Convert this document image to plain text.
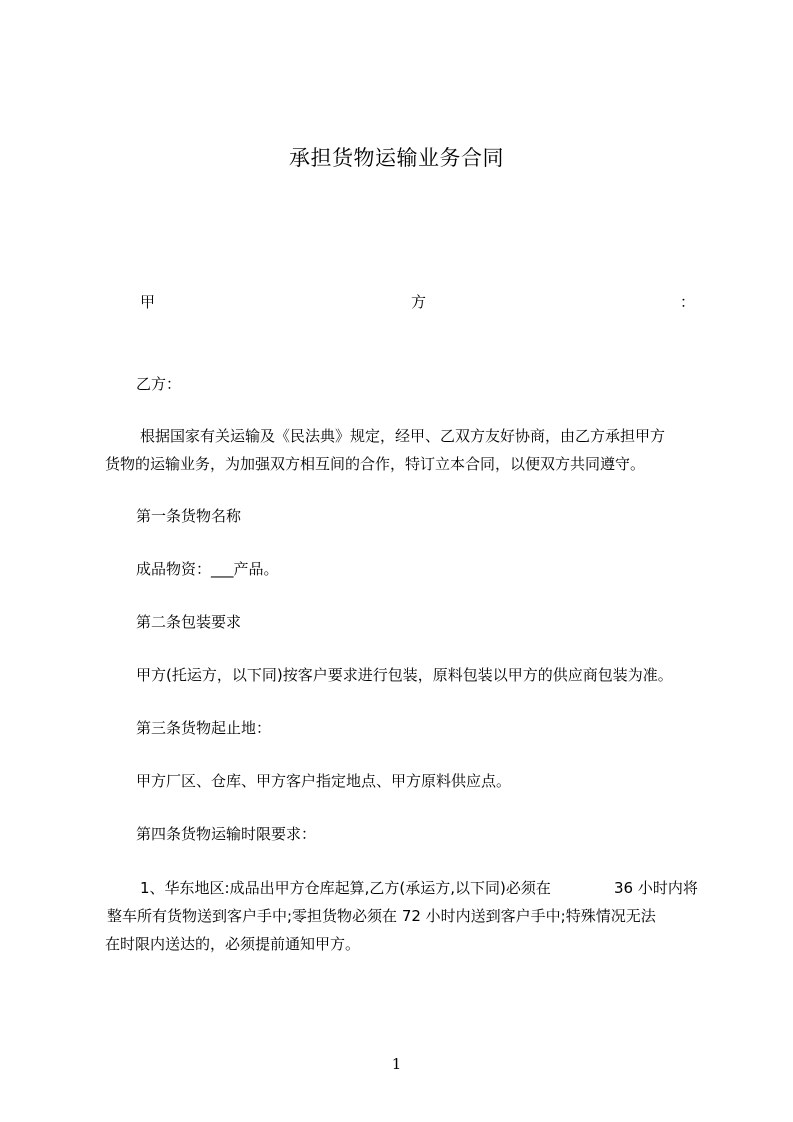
承担货物运输业务合同
甲	方	：
乙方：
根据国家有关运输及《民法典》规定，经甲、乙双方友好协商，由乙方承担甲方
货物的运输业务，为加强双方相互间的合作，特订立本合同，以便双方共同遵守。
第一条货物名称
成品物资：___产品。
第二条包装要求
甲方(托运方，以下同)按客户要求进行包装，原料包装以甲方的供应商包装为准。
第三条货物起止地：
甲方厂区、仓库、甲方客户指定地点、甲方原料供应点。
第四条货物运输时限要求：
1、华东地区:成品出甲方仓库起算,乙方(承运方,以下同)必须在	36 小时内将
整车所有货物送到客户手中;零担货物必须在 72 小时内送到客户手中;特殊情况无法
在时限内送达的，必须提前通知甲方。
1
